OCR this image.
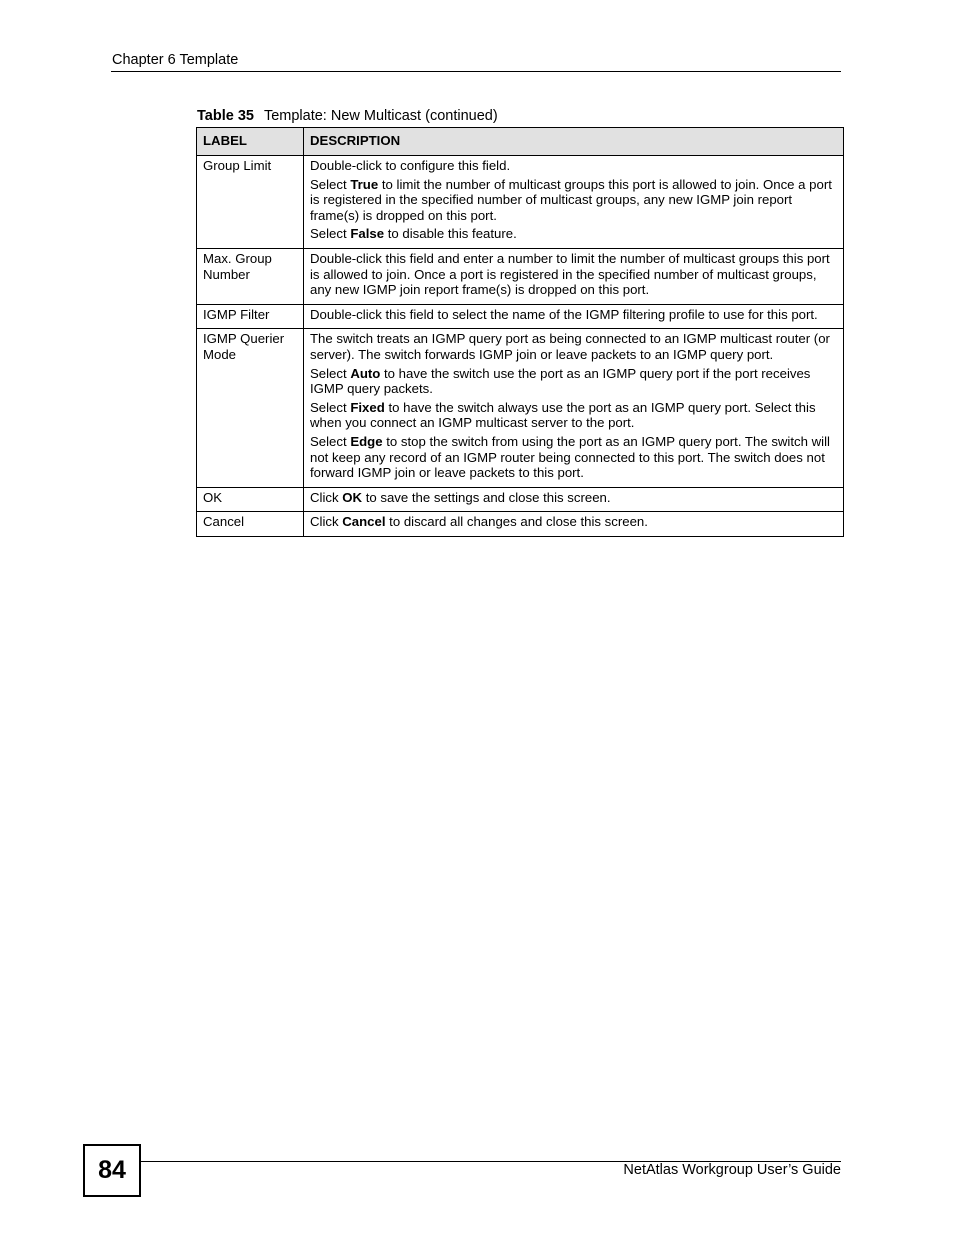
Chapter 6 Template
Table 35 Template: New Multicast (continued)
LABEL	DESCRIPTION
Group Limit	Double-click to configure this field.

Select True to limit the number of multicast groups this port is allowed to join. Once a port is registered in the specified number of multicast groups, any new IGMP join report frame(s) is dropped on this port.

Select False to disable this feature.

Max. Group Number	Double-click this field and enter a number to limit the number of multicast groups this port is allowed to join. Once a port is registered in the specified number of multicast groups, any new IGMP join report frame(s) is dropped on this port.

IGMP Filter	Double-click this field to select the name of the IGMP filtering profile to use for this port.

IGMP Querier Mode	The switch treats an IGMP query port as being connected to an IGMP multicast router (or server). The switch forwards IGMP join or leave packets to an IGMP query port.

Select Auto to have the switch use the port as an IGMP query port if the port receives IGMP query packets.

Select Fixed to have the switch always use the port as an IGMP query port. Select this when you connect an IGMP multicast server to the port.

Select Edge to stop the switch from using the port as an IGMP query port. The switch will not keep any record of an IGMP router being connected to this port. The switch does not forward IGMP join or leave packets to this port.

OK	Click OK to save the settings and close this screen.

Cancel	Click Cancel to discard all changes and close this screen.

84	NetAtlas Workgroup User’s Guide
